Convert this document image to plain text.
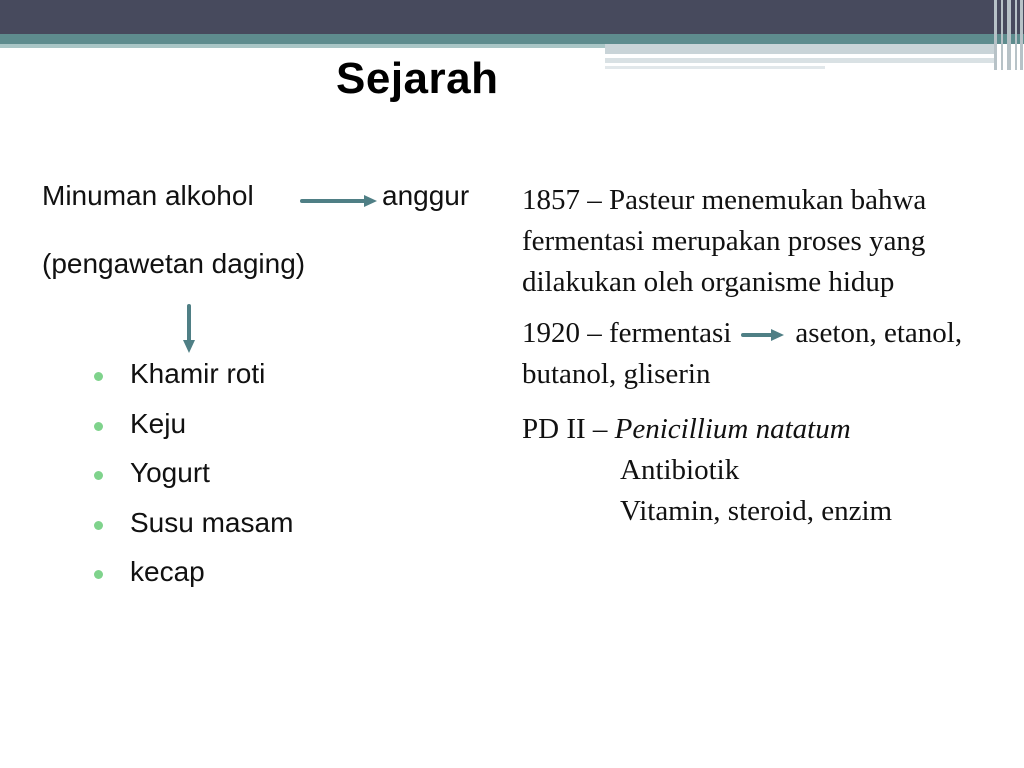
Sejarah
Minuman alkohol	anggur
(pengawetan daging)
Khamir roti
Keju
Yogurt
Susu masam
kecap

1857 – Pasteur menemukan bahwa fermentasi merupakan proses yang dilakukan oleh organisme hidup

1920 – fermentasi aseton, etanol, butanol, gliserin

PD II – Penicillium natatum
Antibiotik
Vitamin, steroid, enzim
